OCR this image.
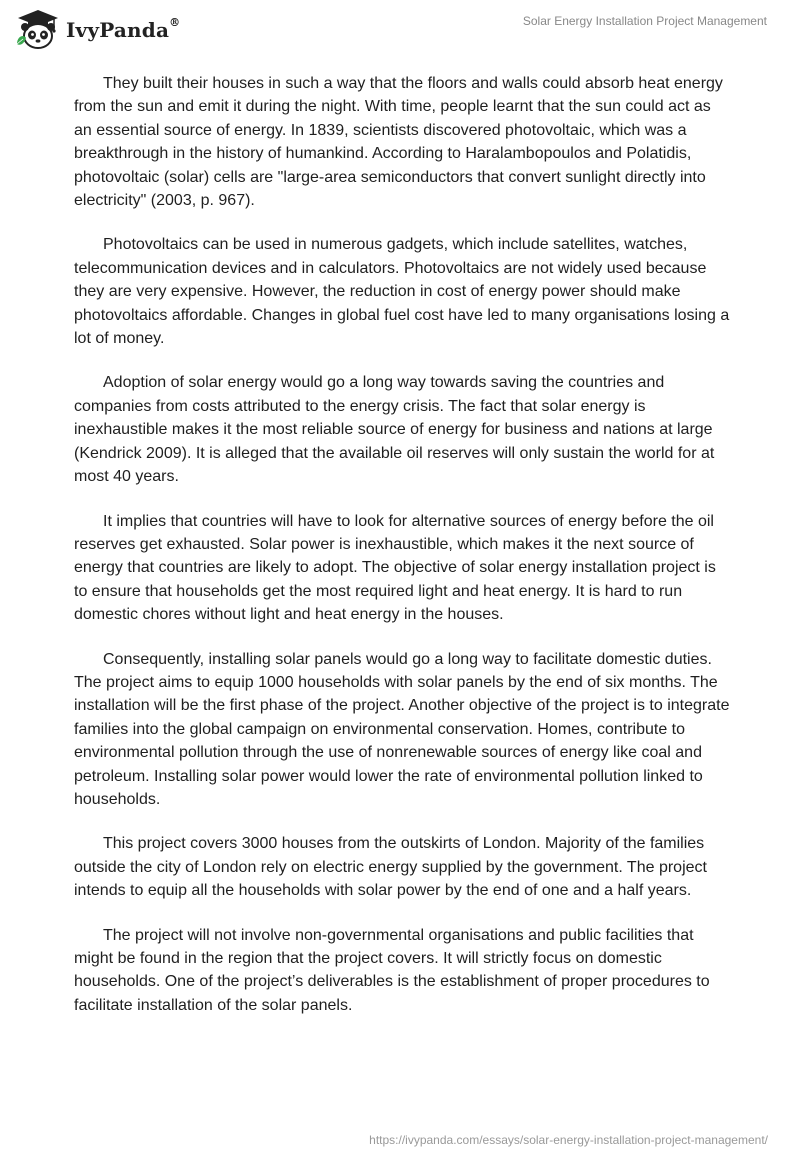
IvyPanda®	Solar Energy Installation Project Management

They built their houses in such a way that the floors and walls could absorb heat energy from the sun and emit it during the night. With time, people learnt that the sun could act as an essential source of energy. In 1839, scientists discovered photovoltaic, which was a breakthrough in the history of humankind. According to Haralambopoulos and Polatidis, photovoltaic (solar) cells are "large-area semiconductors that convert sunlight directly into electricity" (2003, p. 967).

Photovoltaics can be used in numerous gadgets, which include satellites, watches, telecommunication devices and in calculators. Photovoltaics are not widely used because they are very expensive. However, the reduction in cost of energy power should make photovoltaics affordable. Changes in global fuel cost have led to many organisations losing a lot of money.

Adoption of solar energy would go a long way towards saving the countries and companies from costs attributed to the energy crisis. The fact that solar energy is inexhaustible makes it the most reliable source of energy for business and nations at large (Kendrick 2009). It is alleged that the available oil reserves will only sustain the world for at most 40 years.

It implies that countries will have to look for alternative sources of energy before the oil reserves get exhausted. Solar power is inexhaustible, which makes it the next source of energy that countries are likely to adopt. The objective of solar energy installation project is to ensure that households get the most required light and heat energy. It is hard to run domestic chores without light and heat energy in the houses.

Consequently, installing solar panels would go a long way to facilitate domestic duties. The project aims to equip 1000 households with solar panels by the end of six months. The installation will be the first phase of the project. Another objective of the project is to integrate families into the global campaign on environmental conservation. Homes, contribute to environmental pollution through the use of nonrenewable sources of energy like coal and petroleum. Installing solar power would lower the rate of environmental pollution linked to households.

This project covers 3000 houses from the outskirts of London. Majority of the families outside the city of London rely on electric energy supplied by the government. The project intends to equip all the households with solar power by the end of one and a half years.

The project will not involve non-governmental organisations and public facilities that might be found in the region that the project covers. It will strictly focus on domestic households. One of the project’s deliverables is the establishment of proper procedures to facilitate installation of the solar panels.

https://ivypanda.com/essays/solar-energy-installation-project-management/
